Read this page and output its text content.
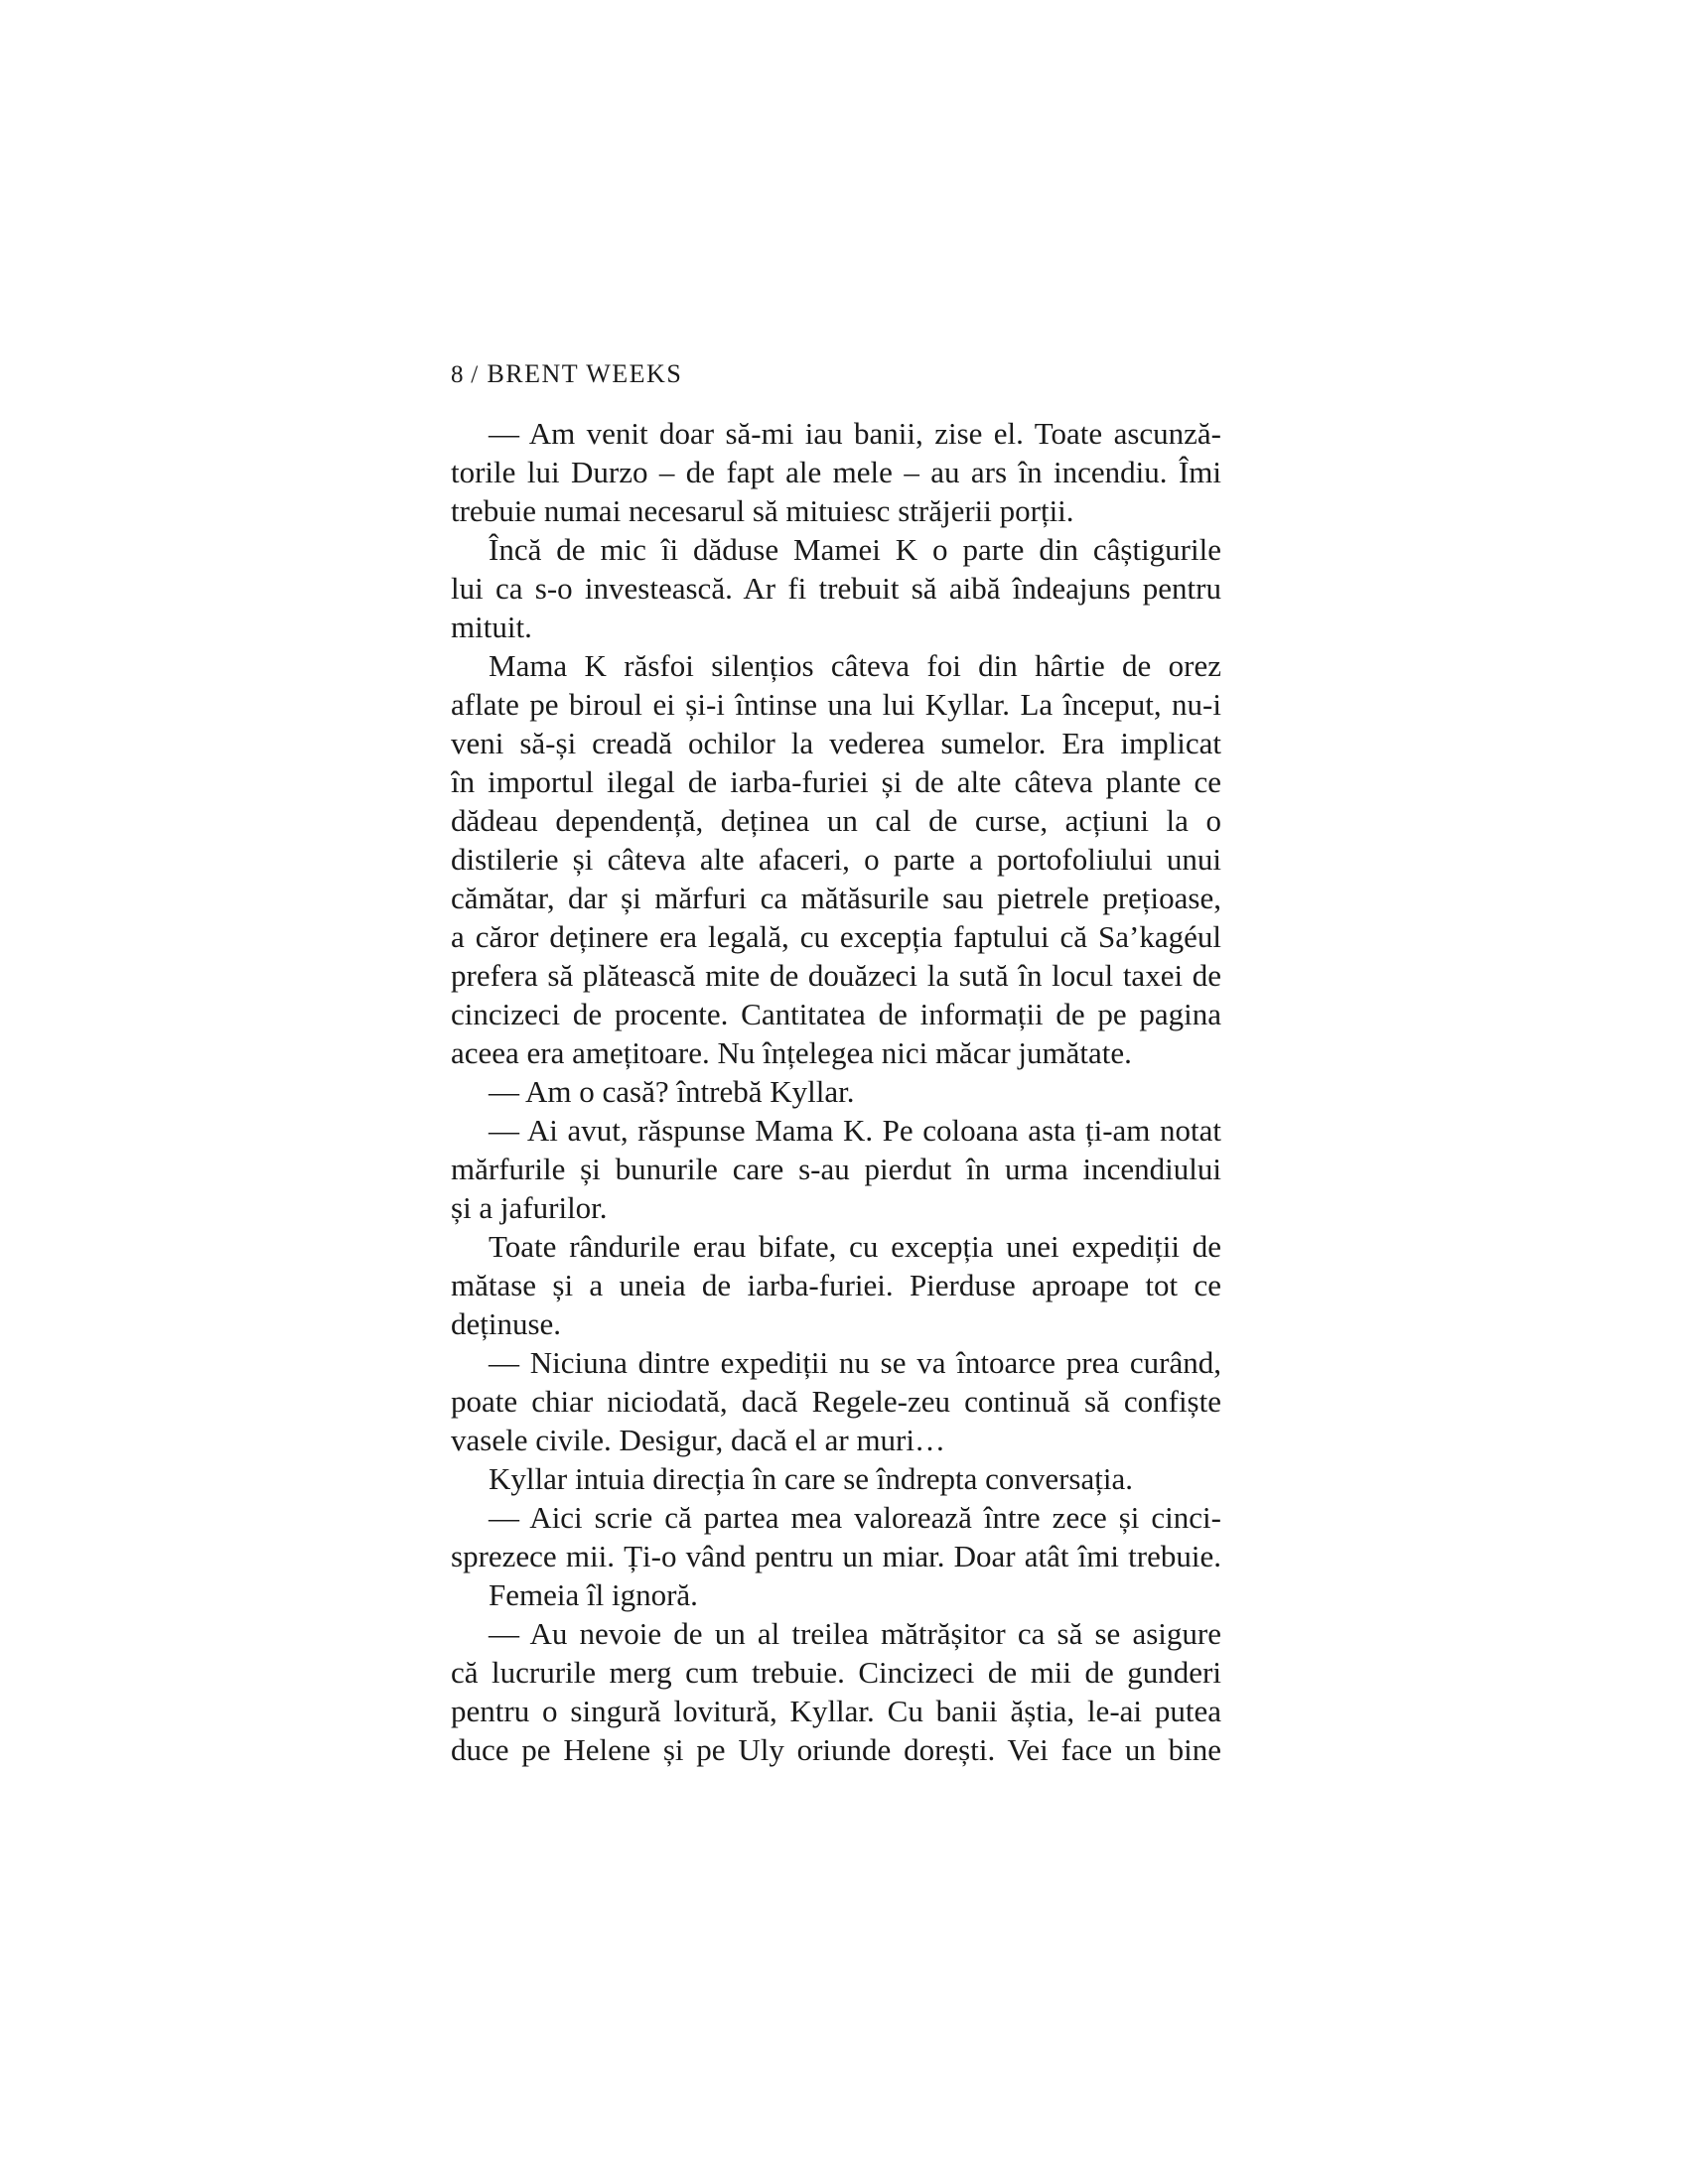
8 / BRENT WEEKS

— Am venit doar să-mi iau banii, zise el. Toate ascunză-

torile lui Durzo – de fapt ale mele – au ars în incendiu. Îmi

trebuie numai necesarul să mituiesc străjerii porții.

Încă de mic îi dăduse Mamei K o parte din câștigurile

lui ca s-o investească. Ar fi trebuit să aibă îndeajuns pentru

mituit.

Mama K răsfoi silențios câteva foi din hârtie de orez

aflate pe biroul ei și-i întinse una lui Kyllar. La început, nu-i

veni să-și creadă ochilor la vederea sumelor. Era implicat

în importul ilegal de iarba-furiei și de alte câteva plante ce

dădeau dependență, deținea un cal de curse, acțiuni la o

distilerie și câteva alte afaceri, o parte a portofoliului unui

cămătar, dar și mărfuri ca mătăsurile sau pietrele prețioase,

a căror deținere era legală, cu excepția faptului că Sa’kagéul

prefera să plătească mite de douăzeci la sută în locul taxei de

cincizeci de procente. Cantitatea de informații de pe pagina

aceea era amețitoare. Nu înțelegea nici măcar jumătate.

— Am o casă? întrebă Kyllar.

— Ai avut, răspunse Mama K. Pe coloana asta ți-am notat

mărfurile și bunurile care s-au pierdut în urma incendiului

și a jafurilor.

Toate rândurile erau bifate, cu excepția unei expediții de

mătase și a uneia de iarba-furiei. Pierduse aproape tot ce

deținuse.

— Niciuna dintre expediții nu se va întoarce prea curând,

poate chiar niciodată, dacă Regele-zeu continuă să confiște

vasele civile. Desigur, dacă el ar muri…

Kyllar intuia direcția în care se îndrepta conversația.

— Aici scrie că partea mea valorează între zece și cinci-

sprezece mii. Ți-o vând pentru un miar. Doar atât îmi trebuie.

Femeia îl ignoră.

— Au nevoie de un al treilea mătrășitor ca să se asigure

că lucrurile merg cum trebuie. Cincizeci de mii de gunderi

pentru o singură lovitură, Kyllar. Cu banii ăștia, le-ai putea

duce pe Helene și pe Uly oriunde dorești. Vei face un bine
